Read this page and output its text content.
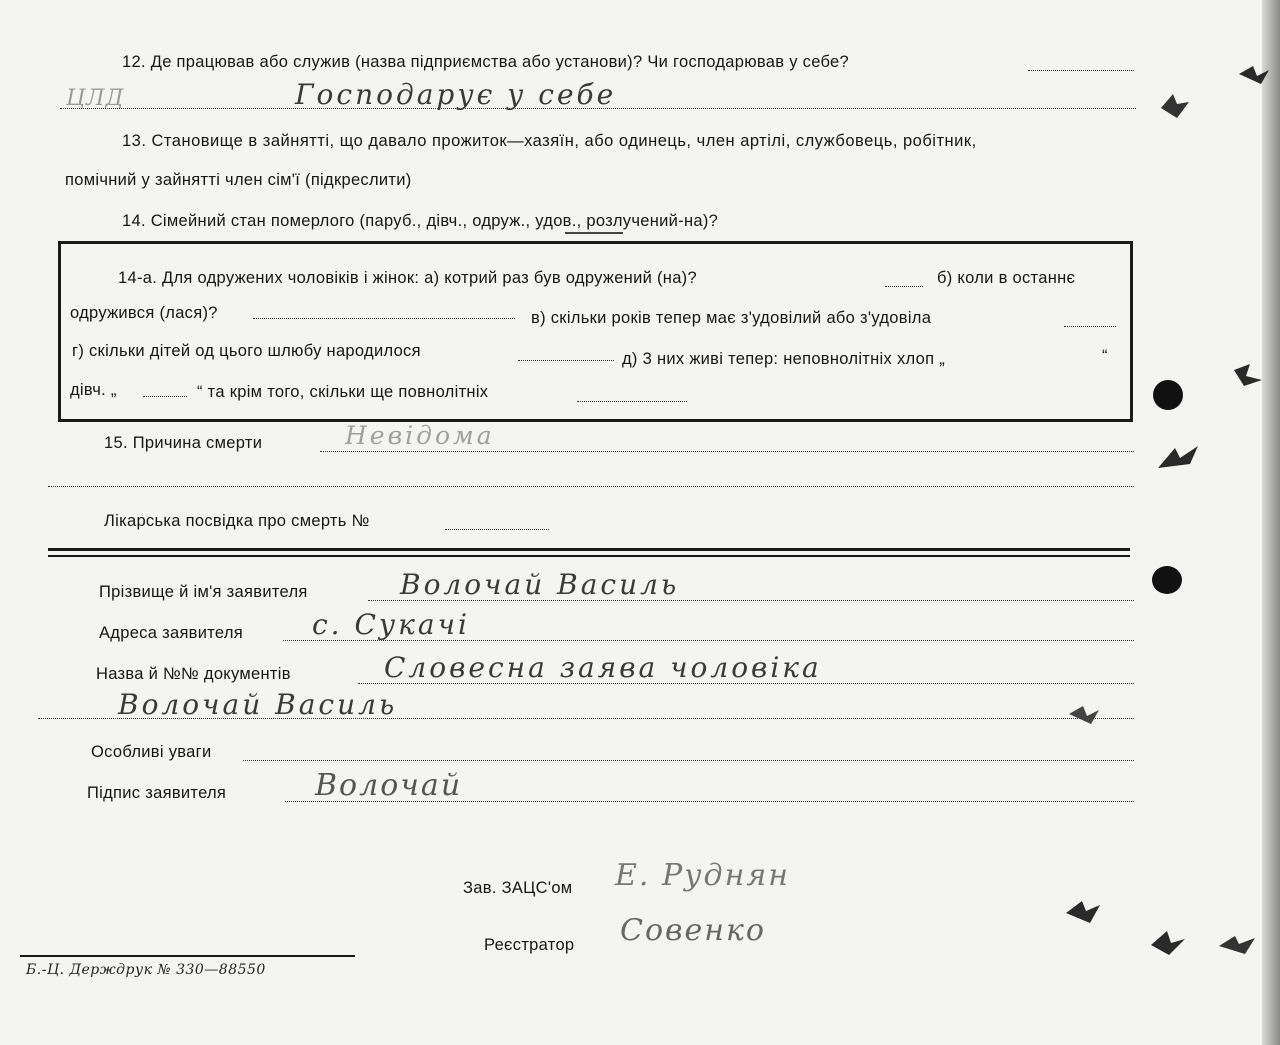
12. Де працював або служив (назва підприємства або установи)? Чи господарював у себе?
ЦЛД	Господарує у себе
13. Становище в зайнятті, що давало прожиток—хазяїн, або одинець, член артілі, службовець, робітник,
помічний у зайнятті член сім'ї (підкреслити)
14. Сімейний стан померлого (паруб., дівч., одруж., удов., розлучений-на)?
14-а. Для одружених чоловіків і жінок: а) котрий раз був одружений (на)?	б) коли в останнє
одружився (лася)?	в) скільки років тепер має з'удовілий або з'удовіла
г) скільки дітей од цього шлюбу народилося	д) 3 них живі тепер: неповнолітніх хлоп „	“
дівч. „	“ та крім того, скільки ще повнолітніх
15. Причина смерти	Невідома
Лікарська посвідка про смерть №
Прізвище й ім'я заявителя	Волочай Василь
Адреса заявителя с. Сукачі
Назва й №№ документів	Словесна заява чоловіка
Волочай Василь
Особливі уваги
Підпис заявителя	Волочай
Зав. ЗАЦС'ом Е. Руднян
Реєстратор Совенко
Б.-Ц. Держдрук № 330—88550
